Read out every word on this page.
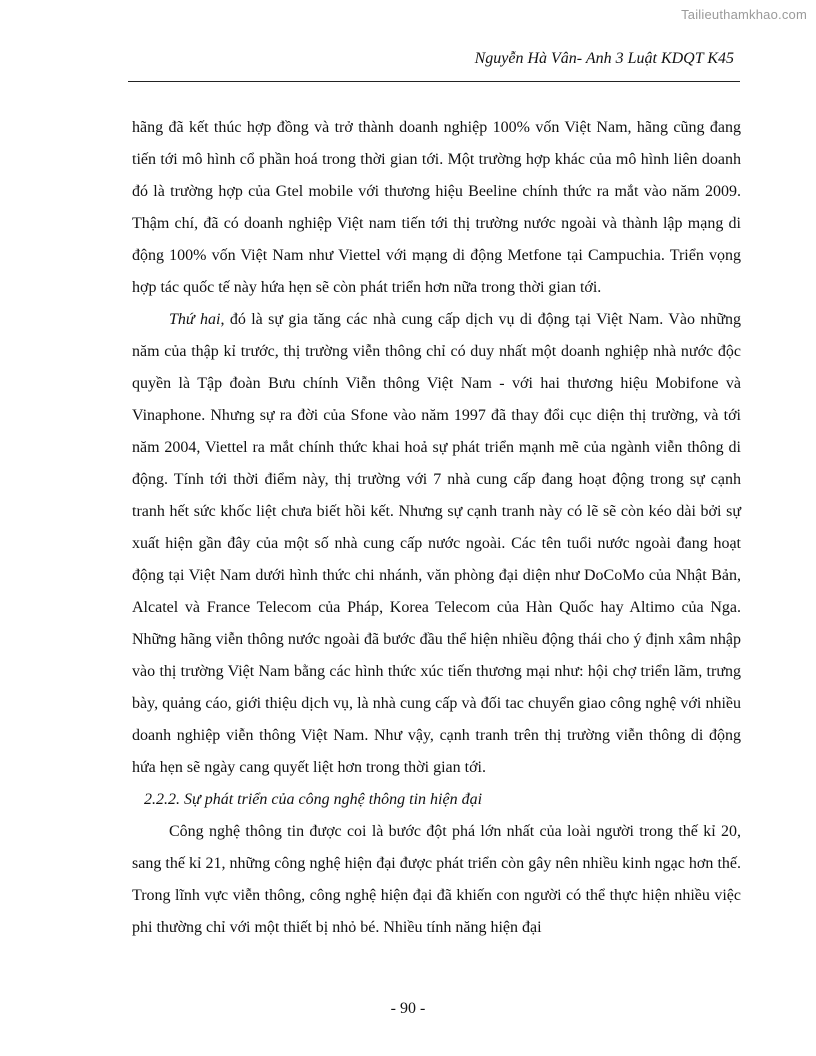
Tailieuthamkhao.com
Nguyễn Hà Vân- Anh 3 Luật KDQT K45

hãng đã kết thúc hợp đồng và trở thành doanh nghiệp 100% vốn Việt Nam, hãng cũng đang tiến tới mô hình cổ phần hoá trong thời gian tới. Một trường hợp khác của mô hình liên doanh đó là trường hợp của Gtel mobile với thương hiệu Beeline chính thức ra mắt vào năm 2009. Thậm chí, đã có doanh nghiệp Việt nam tiến tới thị trường nước ngoài và thành lập mạng di động 100% vốn Việt Nam như Viettel với mạng di động Metfone tại Campuchia. Triển vọng hợp tác quốc tế này hứa hẹn sẽ còn phát triển hơn nữa trong thời gian tới.

Thứ hai, đó là sự gia tăng các nhà cung cấp dịch vụ di động tại Việt Nam. Vào những năm của thập kỉ trước, thị trường viễn thông chỉ có duy nhất một doanh nghiệp nhà nước độc quyền là Tập đoàn Bưu chính Viễn thông Việt Nam - với hai thương hiệu Mobifone và Vinaphone. Nhưng sự ra đời của Sfone vào năm 1997 đã thay đổi cục diện thị trường, và tới năm 2004, Viettel ra mắt chính thức khai hoả sự phát triển mạnh mẽ của ngành viễn thông di động. Tính tới thời điểm này, thị trường với 7 nhà cung cấp đang hoạt động trong sự cạnh tranh hết sức khốc liệt chưa biết hồi kết. Nhưng sự cạnh tranh này có lẽ sẽ còn kéo dài bởi sự xuất hiện gần đây của một số nhà cung cấp nước ngoài. Các tên tuổi nước ngoài đang hoạt động tại Việt Nam dưới hình thức chi nhánh, văn phòng đại diện như DoCoMo của Nhật Bản, Alcatel và France Telecom của Pháp, Korea Telecom của Hàn Quốc hay Altimo của Nga. Những hãng viễn thông nước ngoài đã bước đầu thể hiện nhiều động thái cho ý định xâm nhập vào thị trường Việt Nam bằng các hình thức xúc tiến thương mại như: hội chợ triển lãm, trưng bày, quảng cáo, giới thiệu dịch vụ, là nhà cung cấp và đối tac chuyển giao công nghệ với nhiều doanh nghiệp viễn thông Việt Nam. Như vậy, cạnh tranh trên thị trường viễn thông di động hứa hẹn sẽ ngày cang quyết liệt hơn trong thời gian tới.

2.2.2. Sự phát triển của công nghệ thông tin hiện đại

Công nghệ thông tin được coi là bước đột phá lớn nhất của loài người trong thế kỉ 20, sang thế kỉ 21, những công nghệ hiện đại được phát triển còn gây nên nhiều kinh ngạc hơn thế. Trong lĩnh vực viễn thông, công nghệ hiện đại đã khiến con người có thể thực hiện nhiều việc phi thường chỉ với một thiết bị nhỏ bé. Nhiều tính năng hiện đại

- 90 -
